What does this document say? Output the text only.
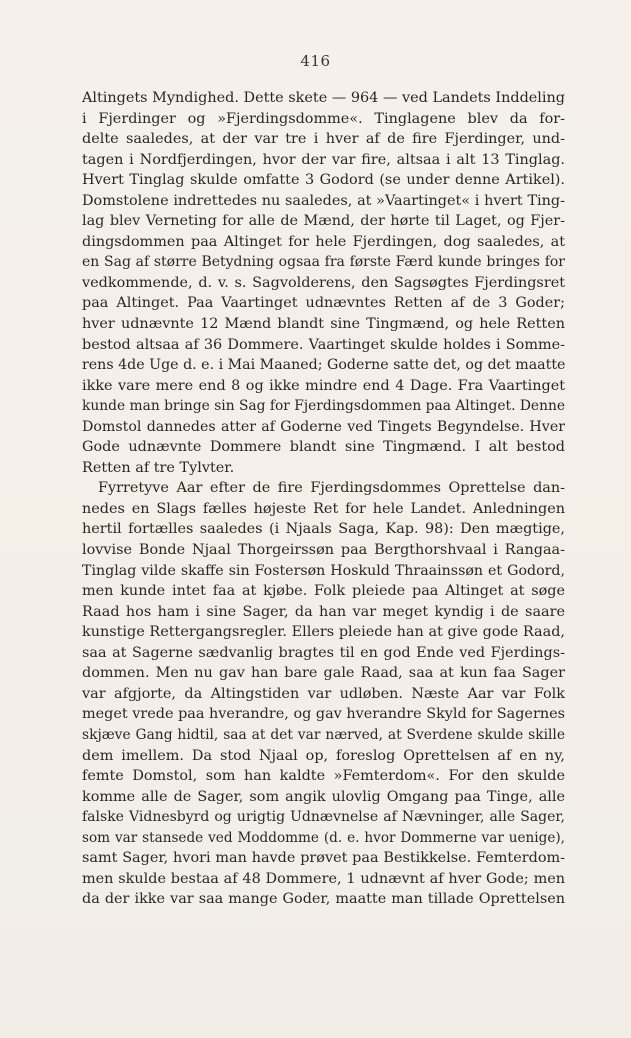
416
Altingets Myndighed. Dette skete — 964 — ved Landets Inddeling
i Fjerdinger og »Fjerdingsdomme«. Tinglagene blev da for-
delte saaledes, at der var tre i hver af de fire Fjerdinger, und-
tagen i Nordfjerdingen, hvor der var fire, altsaa i alt 13 Tinglag.
Hvert Tinglag skulde omfatte 3 Godord (se under denne Artikel).
Domstolene indrettedes nu saaledes, at »Vaartinget« i hvert Ting-
lag blev Verneting for alle de Mænd, der hørte til Laget, og Fjer-
dingsdommen paa Altinget for hele Fjerdingen, dog saaledes, at
en Sag af større Betydning ogsaa fra første Færd kunde bringes for
vedkommende, d. v. s. Sagvolderens, den Sagsøgtes Fjerdingsret
paa Altinget. Paa Vaartinget udnævntes Retten af de 3 Goder;
hver udnævnte 12 Mænd blandt sine Tingmænd, og hele Retten
bestod altsaa af 36 Dommere. Vaartinget skulde holdes i Somme-
rens 4de Uge d. e. i Mai Maaned; Goderne satte det, og det maatte
ikke vare mere end 8 og ikke mindre end 4 Dage. Fra Vaartinget
kunde man bringe sin Sag for Fjerdingsdommen paa Altinget. Denne
Domstol dannedes atter af Goderne ved Tingets Begyndelse. Hver
Gode udnævnte Dommere blandt sine Tingmænd. I alt bestod
Retten af tre Tylvter.
Fyrretyve Aar efter de fire Fjerdingsdommes Oprettelse dan-
nedes en Slags fælles højeste Ret for hele Landet. Anledningen
hertil fortælles saaledes (i Njaals Saga, Kap. 98): Den mægtige,
lovvise Bonde Njaal Thorgeirssøn paa Bergthorshvaal i Rangaa-
Tinglag vilde skaffe sin Fostersøn Hoskuld Thraainssøn et Godord,
men kunde intet faa at kjøbe. Folk pleiede paa Altinget at søge
Raad hos ham i sine Sager, da han var meget kyndig i de saare
kunstige Rettergangsregler. Ellers pleiede han at give gode Raad,
saa at Sagerne sædvanlig bragtes til en god Ende ved Fjerdings-
dommen. Men nu gav han bare gale Raad, saa at kun faa Sager
var afgjorte, da Altingstiden var udløben. Næste Aar var Folk
meget vrede paa hverandre, og gav hverandre Skyld for Sagernes
skjæve Gang hidtil, saa at det var nærved, at Sverdene skulde skille
dem imellem. Da stod Njaal op, foreslog Oprettelsen af en ny,
femte Domstol, som han kaldte »Femterdom«. For den skulde
komme alle de Sager, som angik ulovlig Omgang paa Tinge, alle
falske Vidnesbyrd og urigtig Udnævnelse af Nævninger, alle Sager,
som var stansede ved Moddomme (d. e. hvor Dommerne var uenige),
samt Sager, hvori man havde prøvet paa Bestikkelse. Femterdom-
men skulde bestaa af 48 Dommere, 1 udnævnt af hver Gode; men
da der ikke var saa mange Goder, maatte man tillade Oprettelsen
